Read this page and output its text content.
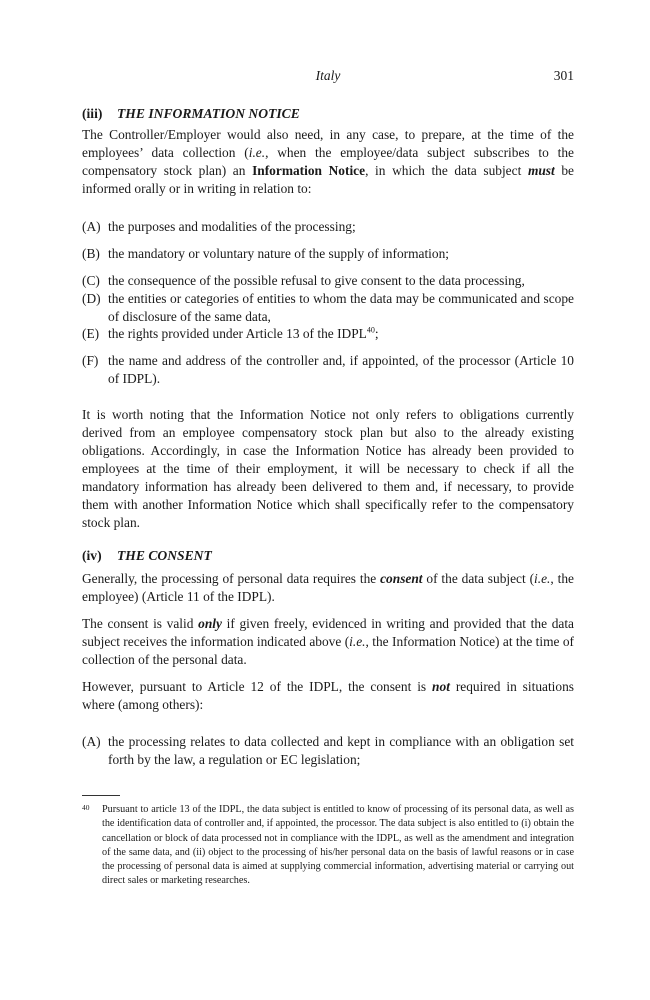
Italy	301
(iii) THE INFORMATION NOTICE

The Controller/Employer would also need, in any case, to prepare, at the time of the employees’ data collection (i.e., when the employee/data subject subscribes to the compensatory stock plan) an Information Notice, in which the data subject must be informed orally or in writing in relation to:

(A) the purposes and modalities of the processing;
(B) the mandatory or voluntary nature of the supply of information;
(C) the consequence of the possible refusal to give consent to the data processing,
(D) the entities or categories of entities to whom the data may be communicated and scope of disclosure of the same data,
(E) the rights provided under Article 13 of the IDPL$^{40}$;
(F) the name and address of the controller and, if appointed, of the processor (Article 10 of IDPL).

It is worth noting that the Information Notice not only refers to obligations currently derived from an employee compensatory stock plan but also to the already existing obligations. Accordingly, in case the Information Notice has already been provided to employees at the time of their employment, it will be necessary to check if all the mandatory information has already been delivered to them and, if necessary, to provide them with another Information Notice which shall specifically refer to the compensatory stock plan.

(iv) THE CONSENT

Generally, the processing of personal data requires the consent of the data subject (i.e., the employee) (Article 11 of the IDPL).

The consent is valid only if given freely, evidenced in writing and provided that the data subject receives the information indicated above (i.e., the Information Notice) at the time of collection of the personal data.

However, pursuant to Article 12 of the IDPL, the consent is not required in situations where (among others):

(A) the processing relates to data collected and kept in compliance with an obligation set forth by the law, a regulation or EC legislation;
40 Pursuant to article 13 of the IDPL, the data subject is entitled to know of processing of its personal data, as well as the identification data of controller and, if appointed, the processor. The data subject is also entitled to (i) obtain the cancellation or block of data processed not in compliance with the IDPL, as well as the amendment and integration of the same data, and (ii) object to the processing of his/her personal data on the basis of lawful reasons or in case the processing of personal data is aimed at supplying commercial information, advertising material or carrying out direct sales or marketing researches.
